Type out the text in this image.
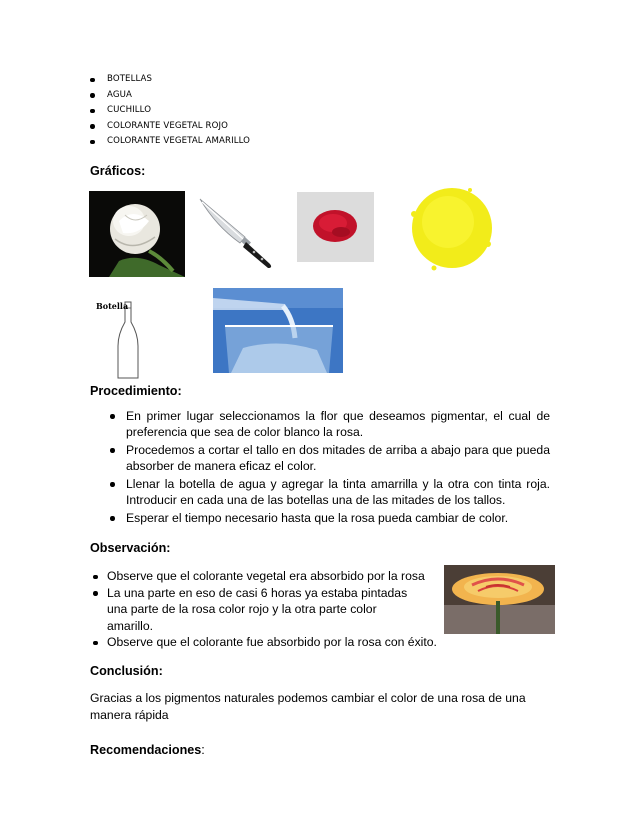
BOTELLAS
AGUA
CUCHILLO
COLORANTE VEGETAL ROJO
COLORANTE VEGETAL AMARILLO
Gráficos:
Botella
Procedimiento:
En primer lugar seleccionamos la flor que deseamos pigmentar, el cual de preferencia que sea de color blanco la rosa.
Procedemos a cortar el tallo en dos mitades de arriba a abajo para que pueda absorber de manera eficaz el color.
Llenar la botella de agua y agregar la tinta amarrilla y la otra con tinta roja. Introducir en cada una de las botellas una de las mitades de los tallos.
Esperar el tiempo necesario hasta que la rosa pueda cambiar de color.
Observación:
Observe que el colorante vegetal era absorbido por la rosa
La una parte en eso de casi 6 horas ya estaba pintadas
una parte de la rosa color rojo y la otra parte color
amarillo.
Observe que el colorante fue absorbido por la rosa con éxito.
Conclusión:

Gracias a los pigmentos naturales podemos cambiar el color de una rosa de una manera rápida

Recomendaciones:
